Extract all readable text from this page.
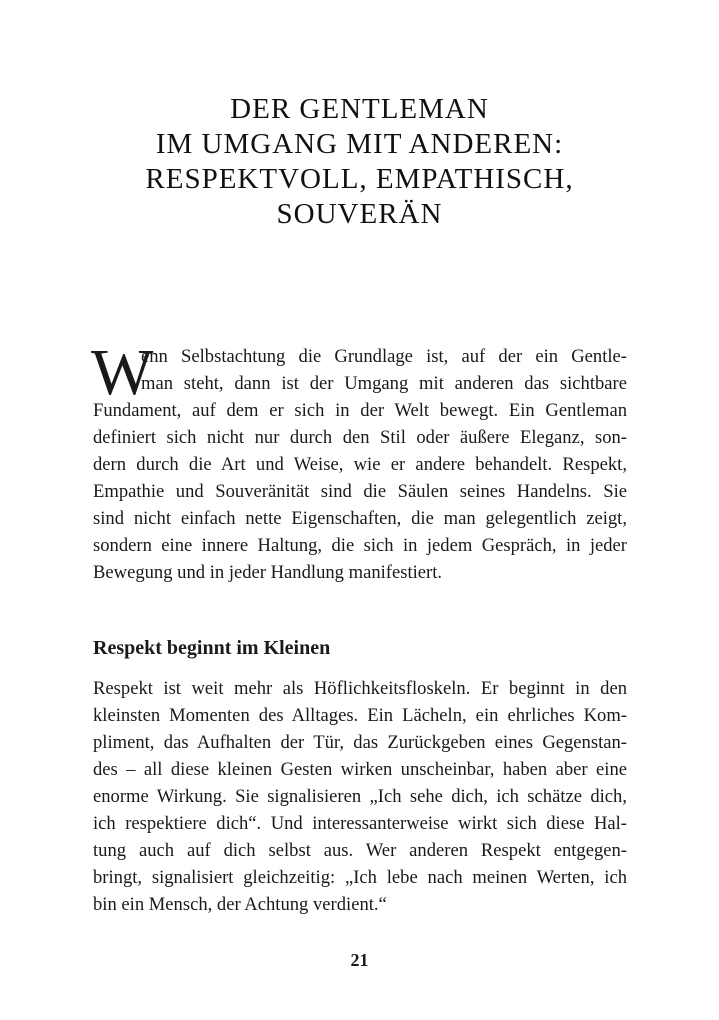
DER GENTLEMAN
IM UMGANG MIT ANDEREN:
RESPEKTVOLL, EMPATHISCH,
SOUVERÄN
W
enn Selbstachtung die Grundlage ist, auf der ein Gentle-
man steht, dann ist der Umgang mit anderen das sichtbare
Fundament, auf dem er sich in der Welt bewegt. Ein Gentleman
definiert sich nicht nur durch den Stil oder äußere Eleganz, son-
dern durch die Art und Weise, wie er andere behandelt. Respekt,
Empathie und Souveränität sind die Säulen seines Handelns. Sie
sind nicht einfach nette Eigenschaften, die man gelegentlich zeigt,
sondern eine innere Haltung, die sich in jedem Gespräch, in jeder
Bewegung und in jeder Handlung manifestiert.
Respekt beginnt im Kleinen
Respekt ist weit mehr als Höflichkeitsfloskeln. Er beginnt in den
kleinsten Momenten des Alltages. Ein Lächeln, ein ehrliches Kom-
pliment, das Aufhalten der Tür, das Zurückgeben eines Gegenstan-
des – all diese kleinen Gesten wirken unscheinbar, haben aber eine
enorme Wirkung. Sie signalisieren „Ich sehe dich, ich schätze dich,
ich respektiere dich“. Und interessanterweise wirkt sich diese Hal-
tung auch auf dich selbst aus. Wer anderen Respekt entgegen-
bringt, signalisiert gleichzeitig: „Ich lebe nach meinen Werten, ich
bin ein Mensch, der Achtung verdient.“
21
